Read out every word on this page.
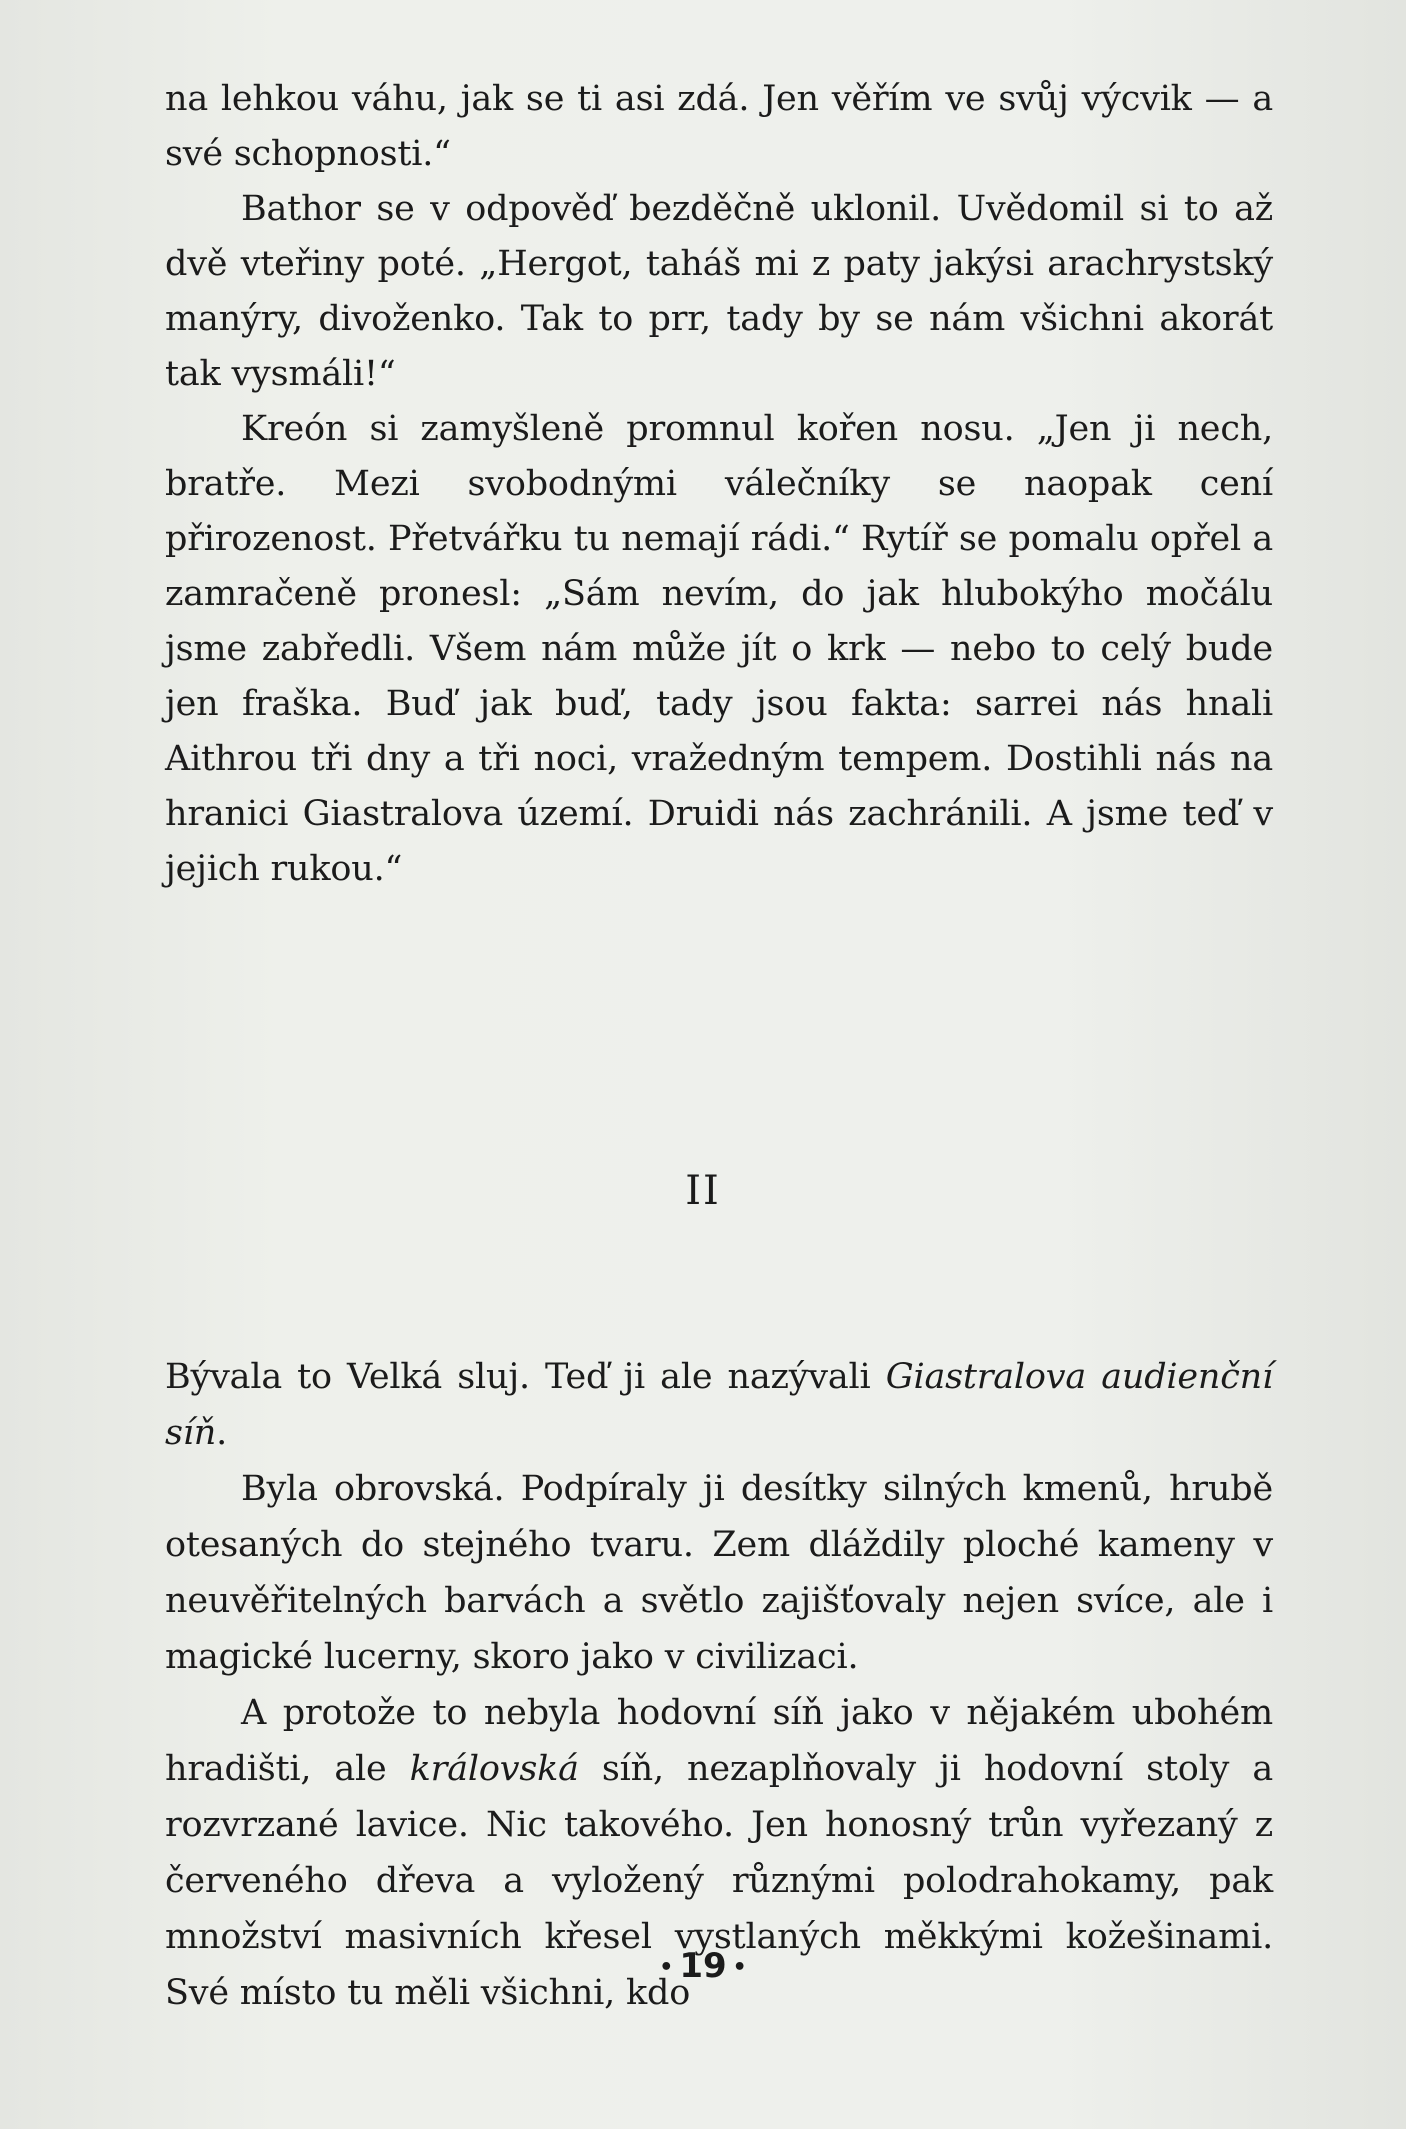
na lehkou váhu, jak se ti asi zdá. Jen věřím ve svůj výcvik — a své schopnosti.“

Bathor se v odpověď bezděčně uklonil. Uvědomil si to až dvě vteřiny poté. „Hergot, taháš mi z paty jakýsi arachrystský manýry, divoženko. Tak to prr, tady by se nám všichni akorát tak vysmáli!“

Kreón si zamyšleně promnul kořen nosu. „Jen ji nech, bratře. Mezi svobodnými válečníky se naopak cení přirozenost. Přetvářku tu nemají rádi.“ Rytíř se pomalu opřel a zamračeně pronesl: „Sám nevím, do jak hlubokýho močálu jsme zabředli. Všem nám může jít o krk — nebo to celý bude jen fraška. Buď jak buď, tady jsou fakta: sarrei nás hnali Aithrou tři dny a tři noci, vražedným tempem. Dostihli nás na hranici Giastralova území. Druidi nás zachránili. A jsme teď v jejich rukou.“

II

Bývala to Velká sluj. Teď ji ale nazývali Giastralova audienční síň.

Byla obrovská. Podpíraly ji desítky silných kmenů, hrubě otesaných do stejného tvaru. Zem dláždily ploché kameny v neuvěřitelných barvách a světlo zajišťovaly nejen svíce, ale i magické lucerny, skoro jako v civilizaci.

A protože to nebyla hodovní síň jako v nějakém ubohém hradišti, ale královská síň, nezaplňovaly ji hodovní stoly a rozvrzané lavice. Nic takového. Jen honosný trůn vyřezaný z červeného dřeva a vyložený různými polodrahokamy, pak množství masivních křesel vystlaných měkkými kožešinami. Své místo tu měli všichni, kdo

• 19 •
